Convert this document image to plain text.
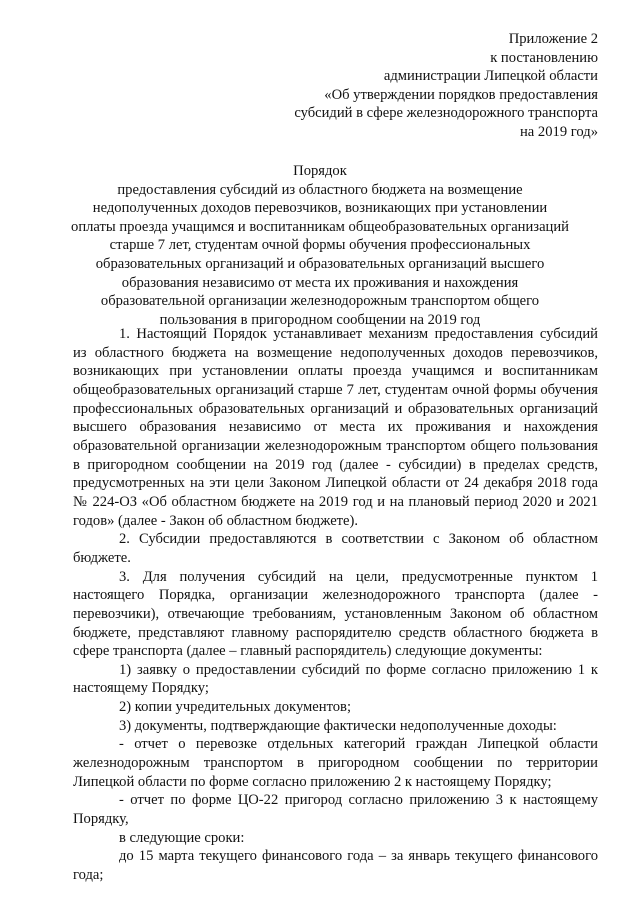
Приложение 2
к постановлению
администрации Липецкой области
«Об утверждении порядков предоставления
субсидий в сфере железнодорожного транспорта
на 2019 год»
Порядок
предоставления субсидий из областного бюджета на возмещение
недополученных доходов перевозчиков, возникающих при установлении
оплаты проезда учащимся и воспитанникам общеобразовательных организаций
старше 7 лет, студентам очной формы обучения профессиональных
образовательных организаций и образовательных организаций высшего
образования независимо от места их проживания и нахождения
образовательной организации железнодорожным транспортом общего
пользования в пригородном сообщении на 2019 год

1. Настоящий Порядок устанавливает механизм предоставления субсидий из областного бюджета на возмещение недополученных доходов перевозчиков, возникающих при установлении оплаты проезда учащимся и воспитанникам общеобразовательных организаций старше 7 лет, студентам очной формы обучения профессиональных образовательных организаций и образовательных организаций высшего образования независимо от места их проживания и нахождения образовательной организации железнодорожным транспортом общего пользования в пригородном сообщении на 2019 год (далее - субсидии) в пределах средств, предусмотренных на эти цели Законом Липецкой области от 24 декабря 2018 года № 224-ОЗ «Об областном бюджете на 2019 год и на плановый период 2020 и 2021 годов» (далее - Закон об областном бюджете).

2. Субсидии предоставляются в соответствии с Законом об областном бюджете.

3. Для получения субсидий на цели, предусмотренные пунктом 1 настоящего Порядка, организации железнодорожного транспорта (далее - перевозчики), отвечающие требованиям, установленным Законом об областном бюджете, представляют главному распорядителю средств областного бюджета в сфере транспорта (далее – главный распорядитель) следующие документы:

1) заявку о предоставлении субсидий по форме согласно приложению 1 к настоящему Порядку;

2) копии учредительных документов;

3) документы, подтверждающие фактически недополученные доходы:

- отчет о перевозке отдельных категорий граждан Липецкой области железнодорожным транспортом в пригородном сообщении по территории Липецкой области по форме согласно приложению 2 к настоящему Порядку;

- отчет по форме ЦО-22 пригород согласно приложению 3 к настоящему Порядку,

в следующие сроки:

до 15 марта текущего финансового года – за январь текущего финансового года;
